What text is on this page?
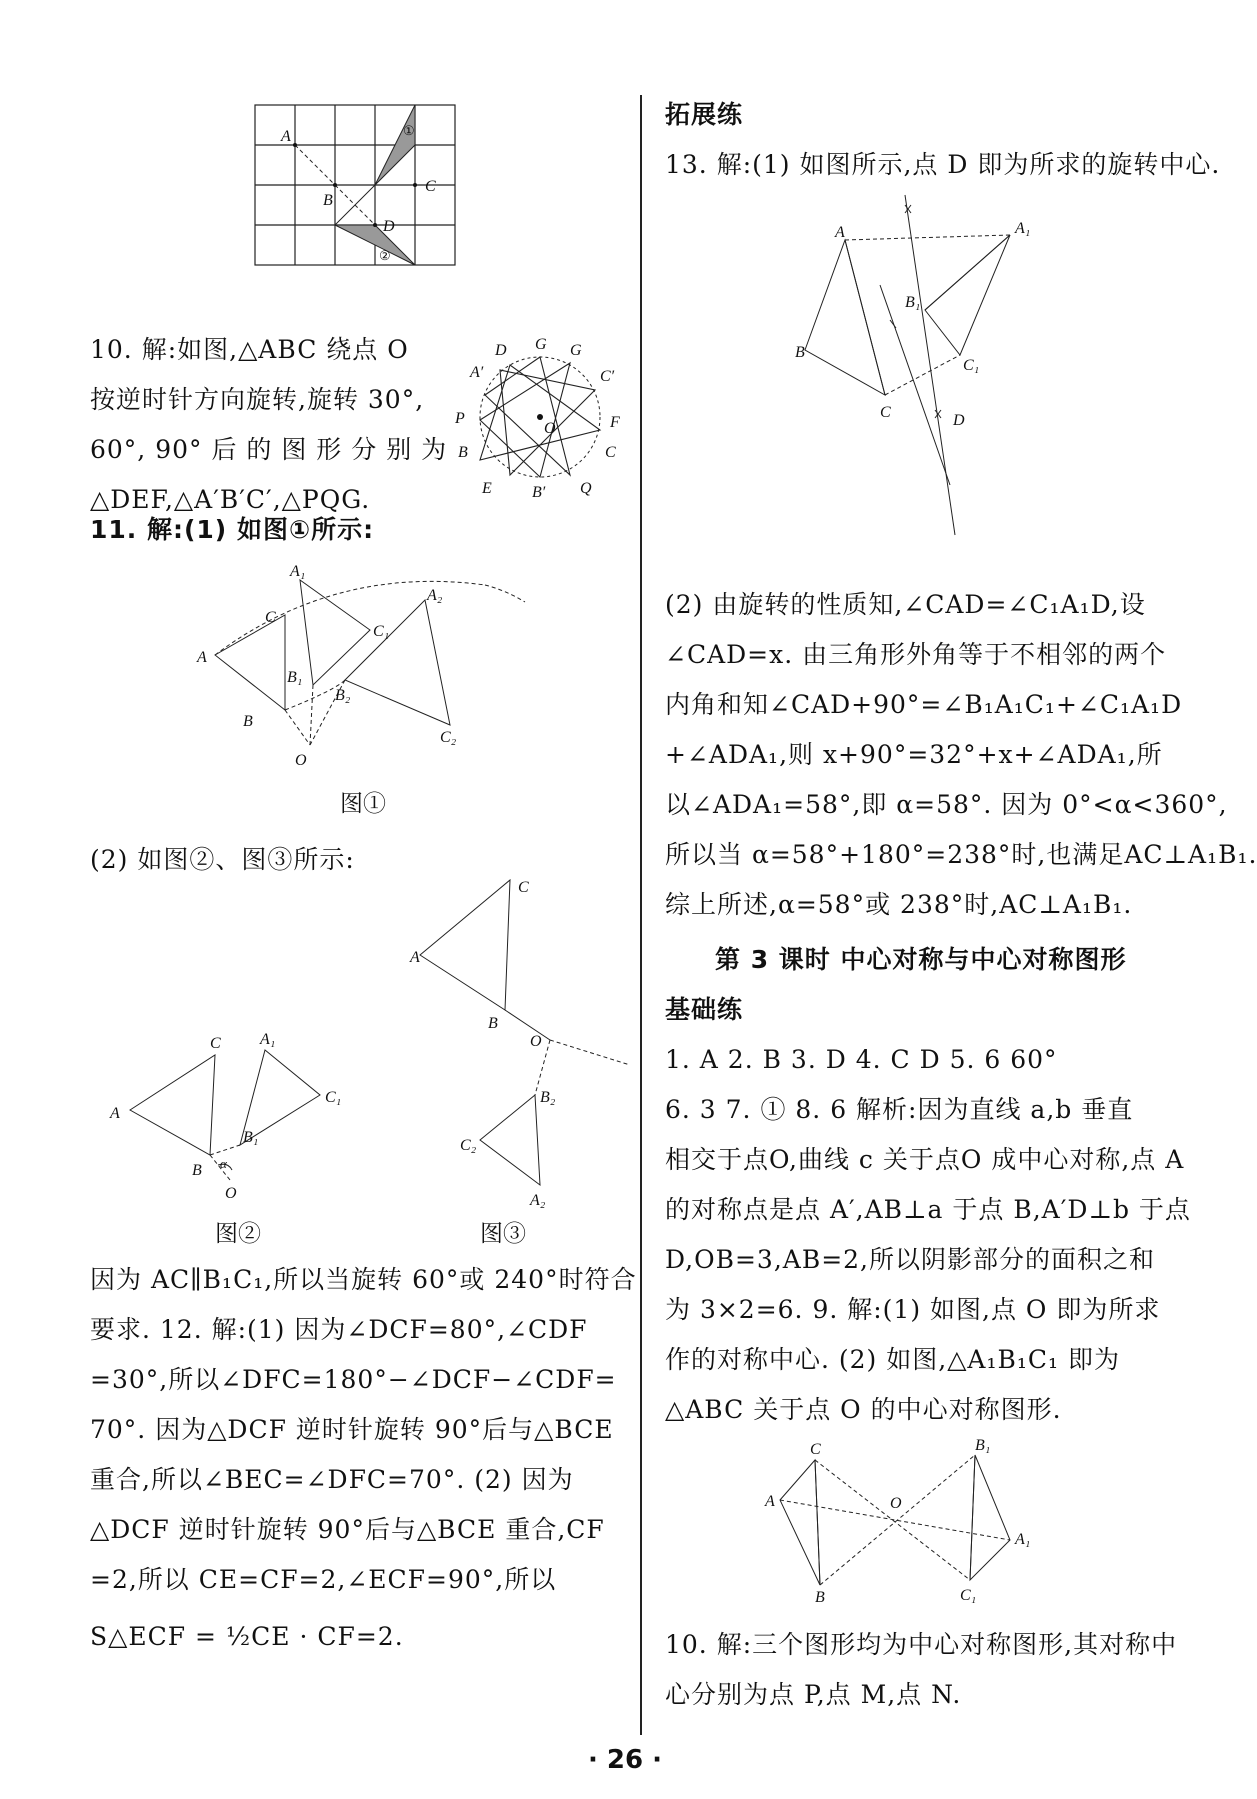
A
B
C
D
①
②
10. 解:如图,△ABC 绕点 O
按逆时针方向旋转,旋转 30°,
60°, 90° 后 的 图 形 分 别 为
△DEF,△A′B′C′,△PQG.
D G G
A′	C′
P	F
B	C
E	B′ Q
O
11. 解:(1) 如图①所示:
A
C
A₁
C₁
A₂
B₁
B
B₂
O
C₂
图①
(2) 如图②、图③所示:
A
C
B
O
C₂
B₂
A₂
A
C A₁
C₁
B₁
B
O
α
图②	图③
因为 AC∥B₁C₁,所以当旋转 60°或 240°时符合
要求. 12. 解:(1) 因为∠DCF=80°,∠CDF
=30°,所以∠DFC=180°−∠DCF−∠CDF=
70°. 因为△DCF 逆时针旋转 90°后与△BCE
重合,所以∠BEC=∠DFC=70°. (2) 因为
△DCF 逆时针旋转 90°后与△BCE 重合,CF
=2,所以 CE=CF=2,∠ECF=90°,所以
S△ECF = ½CE · CF=2.
拓展练
13. 解:(1) 如图所示,点 D 即为所求的旋转中心.
A	A₁
B
B₁
C
C₁
D
(2) 由旋转的性质知,∠CAD=∠C₁A₁D,设
∠CAD=x. 由三角形外角等于不相邻的两个
内角和知∠CAD+90°=∠B₁A₁C₁+∠C₁A₁D
+∠ADA₁,则 x+90°=32°+x+∠ADA₁,所
以∠ADA₁=58°,即 α=58°. 因为 0°<α<360°,
所以当 α=58°+180°=238°时,也满足AC⊥A₁B₁.
综上所述,α=58°或 238°时,AC⊥A₁B₁.
第 3 课时 中心对称与中心对称图形
基础练
1. A 2. B 3. D 4. C D 5. 6 60°
6. 3 7. ① 8. 6 解析:因为直线 a,b 垂直
相交于点O,曲线 c 关于点O 成中心对称,点 A
的对称点是点 A′,AB⊥a 于点 B,A′D⊥b 于点
D,OB=3,AB=2,所以阴影部分的面积之和
为 3×2=6. 9. 解:(1) 如图,点 O 即为所求
作的对称中心. (2) 如图,△A₁B₁C₁ 即为
△ABC 关于点 O 的中心对称图形.
C
A
B
O
B₁
A₁
C₁
10. 解:三个图形均为中心对称图形,其对称中
心分别为点 P,点 M,点 N.
· 26 ·
